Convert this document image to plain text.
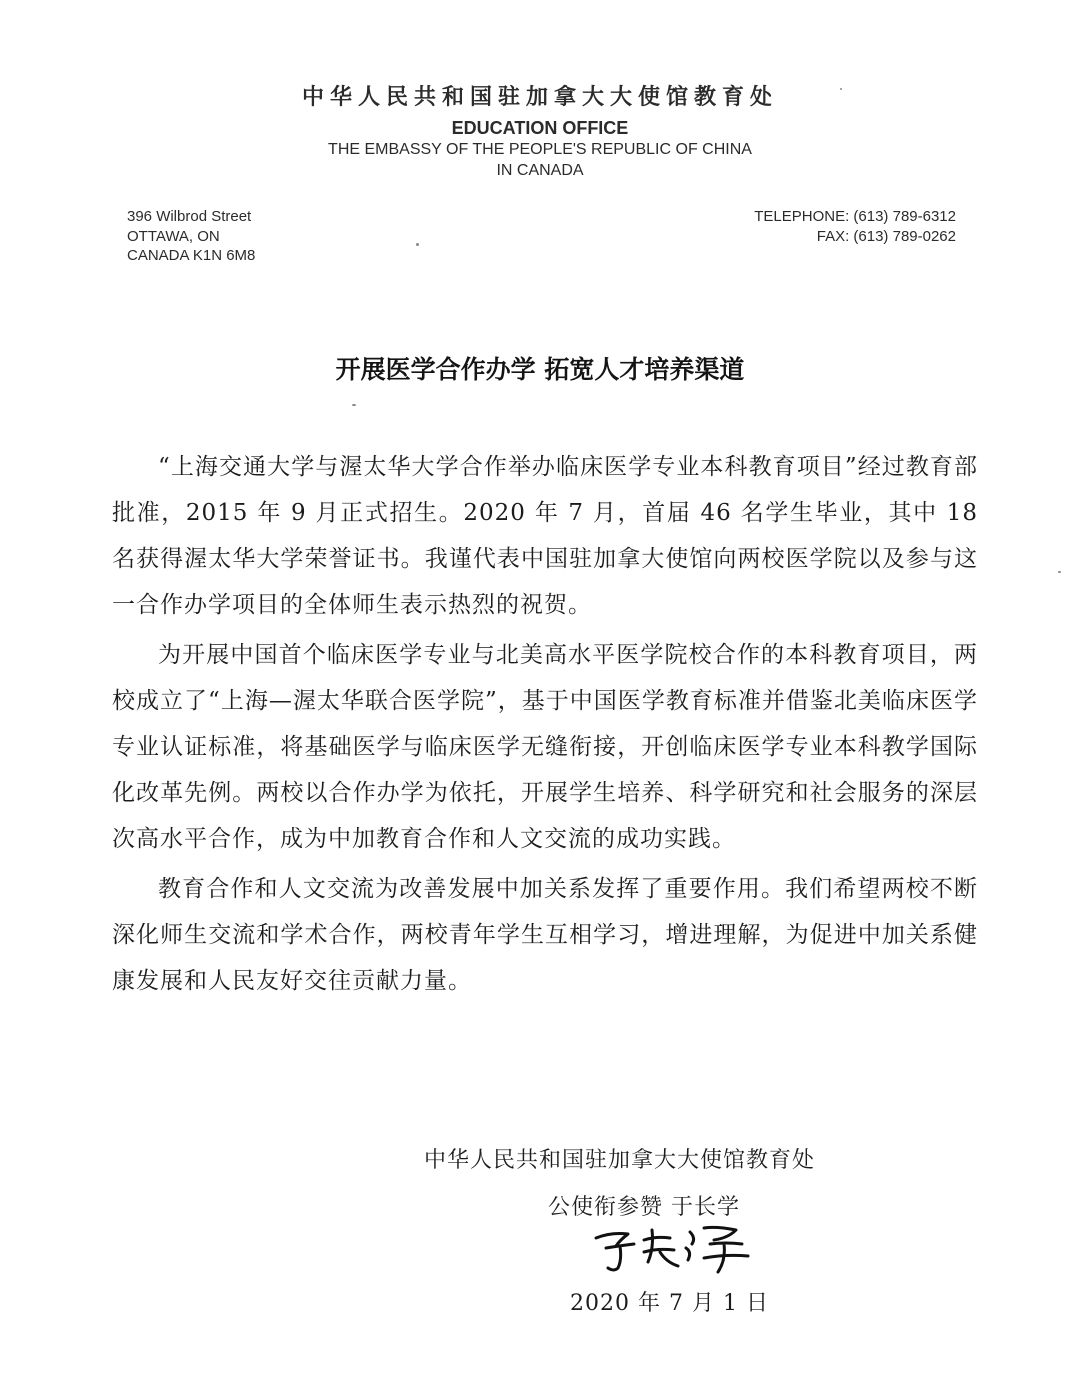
中华人民共和国驻加拿大大使馆教育处
EDUCATION OFFICE
THE EMBASSY OF THE PEOPLE'S REPUBLIC OF CHINA
IN CANADA
396 Wilbrod Street
OTTAWA, ON
CANADA K1N 6M8
TELEPHONE: (613) 789-6312
FAX: (613) 789-0262
开展医学合作办学 拓宽人才培养渠道

“上海交通大学与渥太华大学合作举办临床医学专业本科教育项目”经过教育部批准，2015 年 9 月正式招生。2020 年 7 月，首届 46 名学生毕业，其中 18 名获得渥太华大学荣誉证书。我谨代表中国驻加拿大使馆向两校医学院以及参与这一合作办学项目的全体师生表示热烈的祝贺。

为开展中国首个临床医学专业与北美高水平医学院校合作的本科教育项目，两校成立了“上海—渥太华联合医学院”，基于中国医学教育标准并借鉴北美临床医学专业认证标准，将基础医学与临床医学无缝衔接，开创临床医学专业本科教学国际化改革先例。两校以合作办学为依托，开展学生培养、科学研究和社会服务的深层次高水平合作，成为中加教育合作和人文交流的成功实践。

教育合作和人文交流为改善发展中加关系发挥了重要作用。我们希望两校不断深化师生交流和学术合作，两校青年学生互相学习，增进理解，为促进中加关系健康发展和人民友好交往贡献力量。

中华人民共和国驻加拿大大使馆教育处
公使衔参赞 于长学
2020 年 7 月 1 日
